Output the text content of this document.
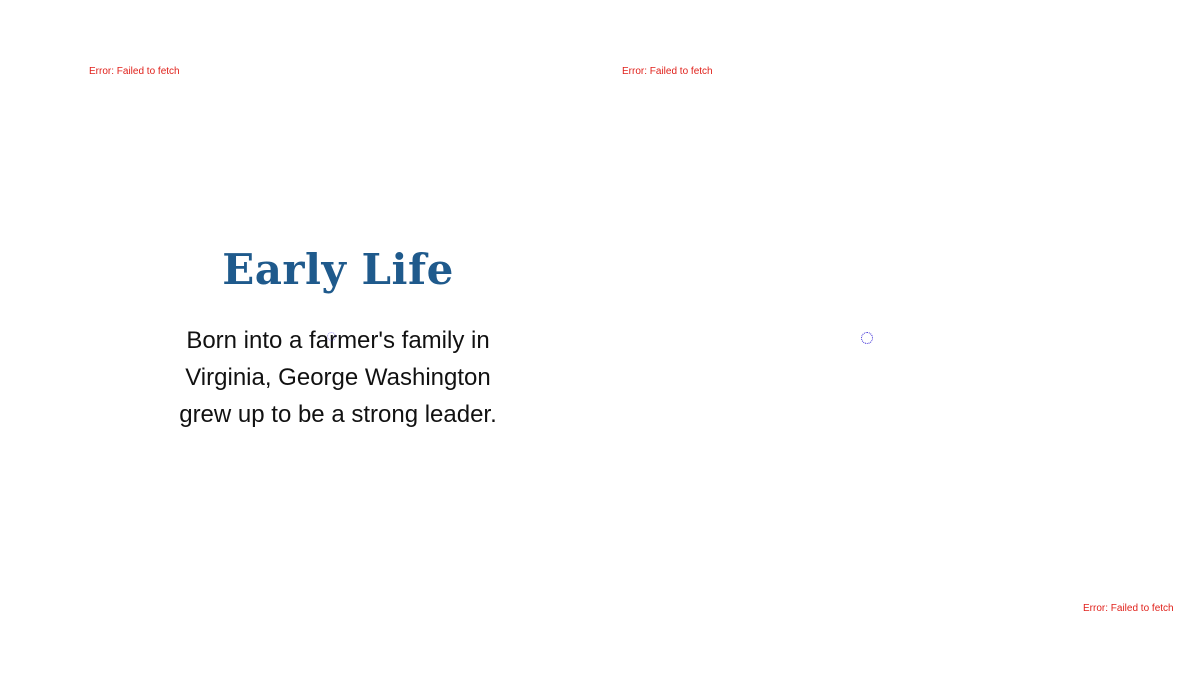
Error: Failed to fetch	Error: Failed to fetch
Error: Failed to fetch
Early Life

Born into a farmer's family in Virginia, George Washington grew up to be a strong leader.
